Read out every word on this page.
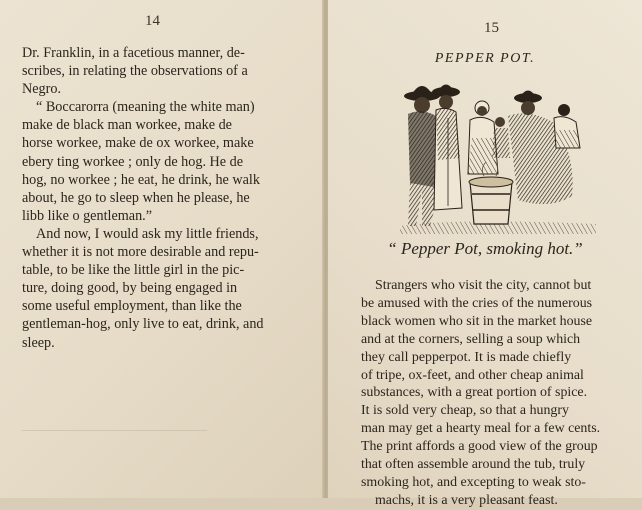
14
Dr. Franklin, in a facetious manner, de-
scribes, in relating the observations of a
Negro.
“ Boccarorra (meaning the white man)
make de black man workee, make de
horse workee, make de ox workee, make
ebery ting workee ; only de hog. He de
hog, no workee ; he eat, he drink, he walk
about, he go to sleep when he please, he
libb like o gentleman.”
And now, I would ask my little friends,
whether it is not more desirable and repu-
table, to be like the little girl in the pic-
ture, doing good, by being engaged in
some useful employment, than like the
gentleman-hog, only live to eat, drink, and
sleep.
15
PEPPER POT.
“ Pepper Pot, smoking hot.”
Strangers who visit the city, cannot but
be amused with the cries of the numerous
black women who sit in the market house
and at the corners, selling a soup which
they call pepperpot. It is made chiefly
of tripe, ox-feet, and other cheap animal
substances, with a great portion of spice.
It is sold very cheap, so that a hungry
man may get a hearty meal for a few cents.
The print affords a good view of the group
that often assemble around the tub, truly
smoking hot, and excepting to weak sto-
machs, it is a very pleasant feast.
